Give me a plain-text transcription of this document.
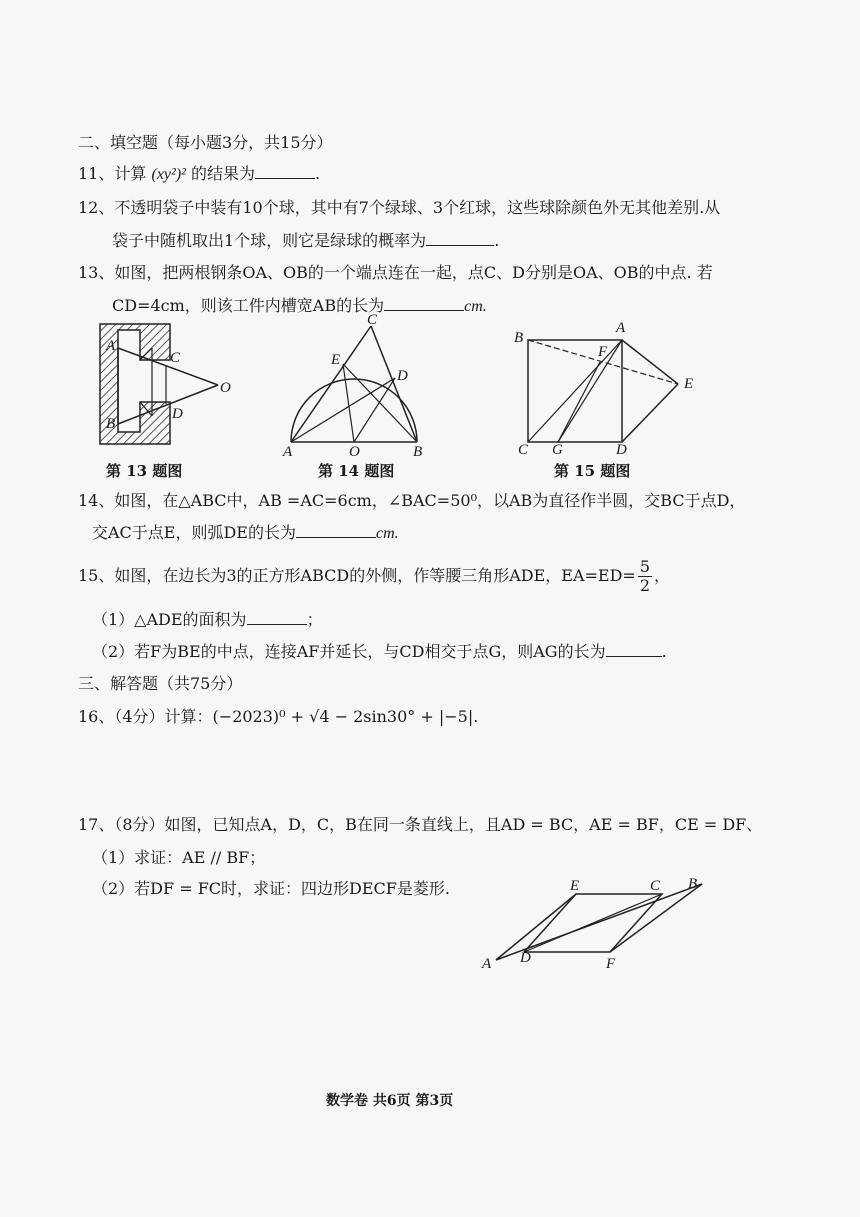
二、填空题（每小题3分，共15分）
11、计算 (xy²)² 的结果为	.
12、不透明袋子中装有10个球，其中有7个绿球、3个红球，这些球除颜色外无其他差别.从
袋子中随机取出1个球，则它是绿球的概率为	.
13、如图，把两根钢条OA、OB的一个端点连在一起，点C、D分别是OA、OB的中点. 若
CD=4cm，则该工件内槽宽AB的长为	cm.
A
C
O
B
D
C
E
D
A	O	B
B
A
F
E
C G	D
第 13 题图	第 14 题图	第 15 题图
14、如图，在△ABC中，AB =AC=6cm，∠BAC=50⁰，以AB为直径作半圆，交BC于点D，
交AC于点E，则弧DE的长为	cm.
15、如图，在边长为3的正方形ABCD的外侧，作等腰三角形ADE，$EA=ED= \frac{5}{2}$ ，
（1）△ADE的面积为	；
（2）若F为BE的中点，连接AF并延长，与CD相交于点G，则AG的长为	.
三、解答题（共75分）
16、（4分）计算：(−2023)⁰ + √4 − 2sin30° + |−5|.
17、（8分）如图，已知点A，D，C，B在同一条直线上，且AD = BC，AE = BF，CE = DF、
（1）求证：AE // BF；
（2）若DF = FC时，求证：四边形DECF是菱形.	E	C B
A D	F
数学卷 共6页 第3页
